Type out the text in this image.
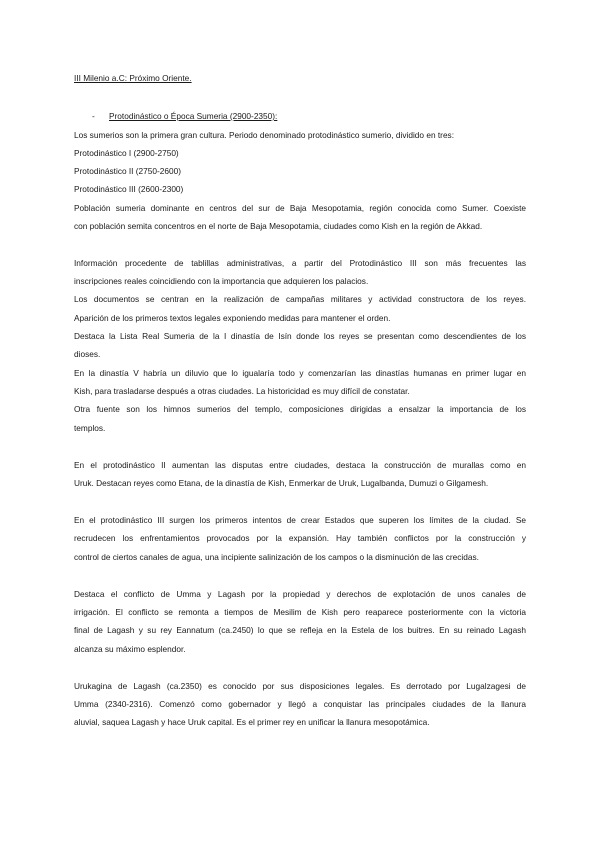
III Milenio a.C: Próximo Oriente.
- Protodinástico o Época Sumeria (2900-2350):
Los sumerios son la primera gran cultura. Periodo denominado protodinástico sumerio, dividido en tres:
Protodinástico I (2900-2750)
Protodinástico II (2750-2600)
Protodinástico III (2600-2300)
Población sumeria dominante en centros del sur de Baja Mesopotamia, región conocida como Sumer. Coexiste
con población semita concentros en el norte de Baja Mesopotamia, ciudades como Kish en la región de Akkad.
Información procedente de tablillas administrativas, a partir del Protodinástico III son más frecuentes las
inscripciones reales coincidiendo con la importancia que adquieren los palacios.
Los documentos se centran en la realización de campañas militares y actividad constructora de los reyes.
Aparición de los primeros textos legales exponiendo medidas para mantener el orden.
Destaca la Lista Real Sumeria de la I dinastía de Isín donde los reyes se presentan como descendientes de los
dioses.
En la dinastía V habría un diluvio que lo igualaría todo y comenzarían las dinastías humanas en primer lugar en
Kish, para trasladarse después a otras ciudades. La historicidad es muy difícil de constatar.
Otra fuente son los himnos sumerios del templo, composiciones dirigidas a ensalzar la importancia de los
templos.
En el protodinástico II aumentan las disputas entre ciudades, destaca la construcción de murallas como en
Uruk. Destacan reyes como Etana, de la dinastía de Kish, Enmerkar de Uruk, Lugalbanda, Dumuzi o Gilgamesh.
En el protodinástico III surgen los primeros intentos de crear Estados que superen los límites de la ciudad. Se
recrudecen los enfrentamientos provocados por la expansión. Hay también conflictos por la construcción y
control de ciertos canales de agua, una incipiente salinización de los campos o la disminución de las crecidas.
Destaca el conflicto de Umma y Lagash por la propiedad y derechos de explotación de unos canales de
irrigación. El conflicto se remonta a tiempos de Mesilim de Kish pero reaparece posteriormente con la victoria
final de Lagash y su rey Eannatum (ca.2450) lo que se refleja en la Estela de los buitres. En su reinado Lagash
alcanza su máximo esplendor.
Urukagina de Lagash (ca.2350) es conocido por sus disposiciones legales. Es derrotado por Lugalzagesi de
Umma (2340-2316). Comenzó como gobernador y llegó a conquistar las principales ciudades de la llanura
aluvial, saquea Lagash y hace Uruk capital. Es el primer rey en unificar la llanura mesopotámica.
